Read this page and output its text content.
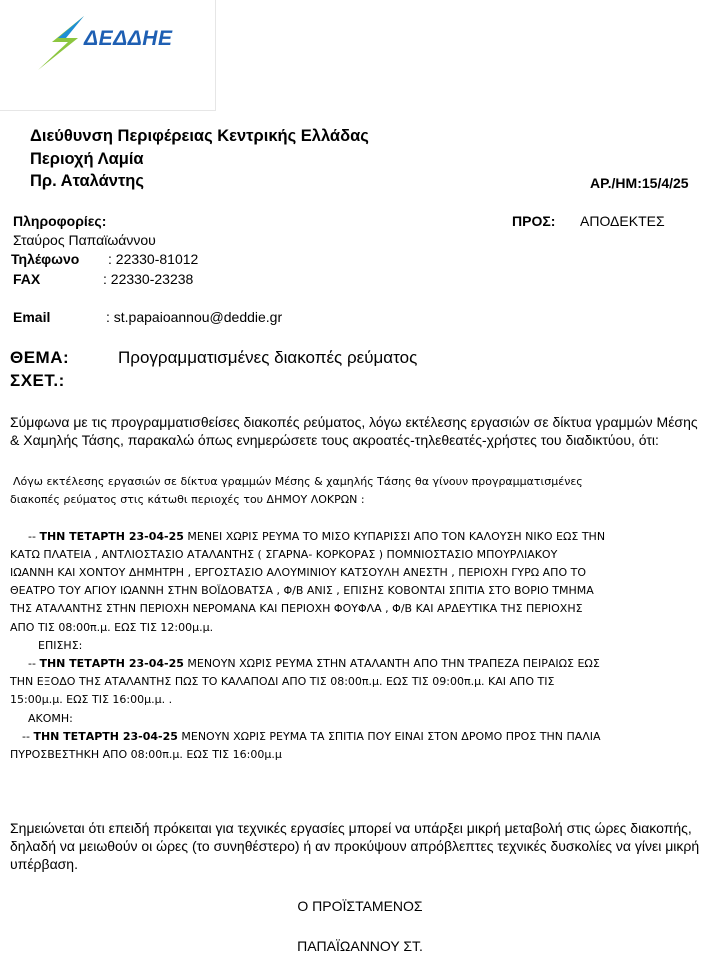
ΔΕΔΔΗΕ
Διεύθυνση Περιφέρειας Κεντρικής Ελλάδας
Περιοχή Λαμία
Πρ. Αταλάντης	ΑΡ./ΗΜ:15/4/25
Πληροφορίες:
Σταύρος Παπαϊωάννου
Τηλέφωνο : 22330-81012
FAX	: 22330-23238
Email	: st.papaioannou@deddie.gr
ΠΡΟΣ: ΑΠΟΔΕΚΤΕΣ
ΘΕΜΑ:	Προγραμματισμένες διακοπές ρεύματος
ΣΧΕΤ.:
Σύμφωνα με τις προγραμματισθείσες διακοπές ρεύματος, λόγω εκτέλεσης εργασιών σε δίκτυα γραμμών Μέσης & Χαμηλής Τάσης, παρακαλώ όπως ενημερώσετε τους ακροατές-τηλεθεατές-χρήστες του διαδικτύου, ότι:
Λόγω εκτέλεσης εργασιών σε δίκτυα γραμμών Μέσης & χαμηλής Τάσης θα γίνουν προγραμματισμένες
διακοπές ρεύματος στις κάτωθι περιοχές του ΔΗΜΟΥ ΛΟΚΡΩΝ :

-- ΤΗΝ ΤΕΤΑΡΤΗ 23-04-25 ΜΕΝΕΙ ΧΩΡΙΣ ΡΕΥΜΑ ΤΟ ΜΙΣΟ ΚΥΠΑΡΙΣΣΙ ΑΠΟ ΤΟΝ ΚΑΛΟΥΣΗ ΝΙΚΟ ΕΩΣ ΤΗΝ
ΚΑΤΩ ΠΛΑΤΕΙΑ , ΑΝΤΛΙΟΣΤΑΣΙΟ ΑΤΑΛΑΝΤΗΣ ( ΣΓΑΡΝΑ- ΚΟΡΚΟΡΑΣ ) ΠΟΜΝΙΟΣΤΑΣΙΟ ΜΠΟΥΡΛΙΑΚΟΥ
ΙΩΑΝΝΗ ΚΑΙ ΧΟΝΤΟΥ ΔΗΜΗΤΡΗ , ΕΡΓΟΣΤΑΣΙΟ ΑΛΟΥΜΙΝΙΟΥ ΚΑΤΣΟΥΛΗ ΑΝΕΣΤΗ , ΠΕΡΙΟΧΗ ΓΥΡΩ ΑΠΟ ΤΟ
ΘΕΑΤΡΟ ΤΟΥ ΑΓΙΟΥ ΙΩΑΝΝΗ ΣΤΗΝ ΒΟΪΔΟΒΑΤΣΑ , Φ/Β ΑΝΙΣ , ΕΠΙΣΗΣ ΚΟΒΟΝΤΑΙ ΣΠΙΤΙΑ ΣΤΟ ΒΟΡΙΟ ΤΜΗΜΑ
ΤΗΣ ΑΤΑΛΑΝΤΗΣ ΣΤΗΝ ΠΕΡΙΟΧΗ ΝΕΡΟΜΑΝΑ ΚΑΙ ΠΕΡΙΟΧΗ ΦΟΥΦΛΑ , Φ/Β ΚΑΙ ΑΡΔΕΥΤΙΚΑ ΤΗΣ ΠΕΡΙΟΧΗΣ
ΑΠΟ ΤΙΣ 08:00π.μ. ΕΩΣ ΤΙΣ 12:00μ.μ.
ΕΠΙΣΗΣ:
-- ΤΗΝ ΤΕΤΑΡΤΗ 23-04-25 ΜΕΝΟΥΝ ΧΩΡΙΣ ΡΕΥΜΑ ΣΤΗΝ ΑΤΑΛΑΝΤΗ ΑΠΟ ΤΗΝ ΤΡΑΠΕΖΑ ΠΕΙΡΑΙΩΣ ΕΩΣ
ΤΗΝ ΕΞΟΔΟ ΤΗΣ ΑΤΑΛΑΝΤΗΣ ΠΩΣ ΤΟ ΚΑΛΑΠΟΔΙ ΑΠΟ ΤΙΣ 08:00π.μ. ΕΩΣ ΤΙΣ 09:00π.μ. ΚΑΙ ΑΠΟ ΤΙΣ
15:00μ.μ. ΕΩΣ ΤΙΣ 16:00μ.μ. .
ΑΚΟΜΗ:
-- ΤΗΝ ΤΕΤΑΡΤΗ 23-04-25 ΜΕΝΟΥΝ ΧΩΡΙΣ ΡΕΥΜΑ ΤΑ ΣΠΙΤΙΑ ΠΟΥ ΕΙΝΑΙ ΣΤΟΝ ΔΡΟΜΟ ΠΡΟΣ ΤΗΝ ΠΑΛΙΑ
ΠΥΡΟΣΒΕΣΤΗΚΗ ΑΠΟ 08:00π.μ. ΕΩΣ ΤΙΣ 16:00μ.μ
Σημειώνεται ότι επειδή πρόκειται για τεχνικές εργασίες μπορεί να υπάρξει μικρή μεταβολή στις ώρες διακοπής, δηλαδή να μειωθούν οι ώρες (το συνηθέστερο) ή αν προκύψουν απρόβλεπτες τεχνικές δυσκολίες να γίνει μικρή υπέρβαση.
Ο ΠΡΟΪΣΤΑΜΕΝΟΣ
ΠΑΠΑΪΩΑΝΝΟΥ ΣΤ.
